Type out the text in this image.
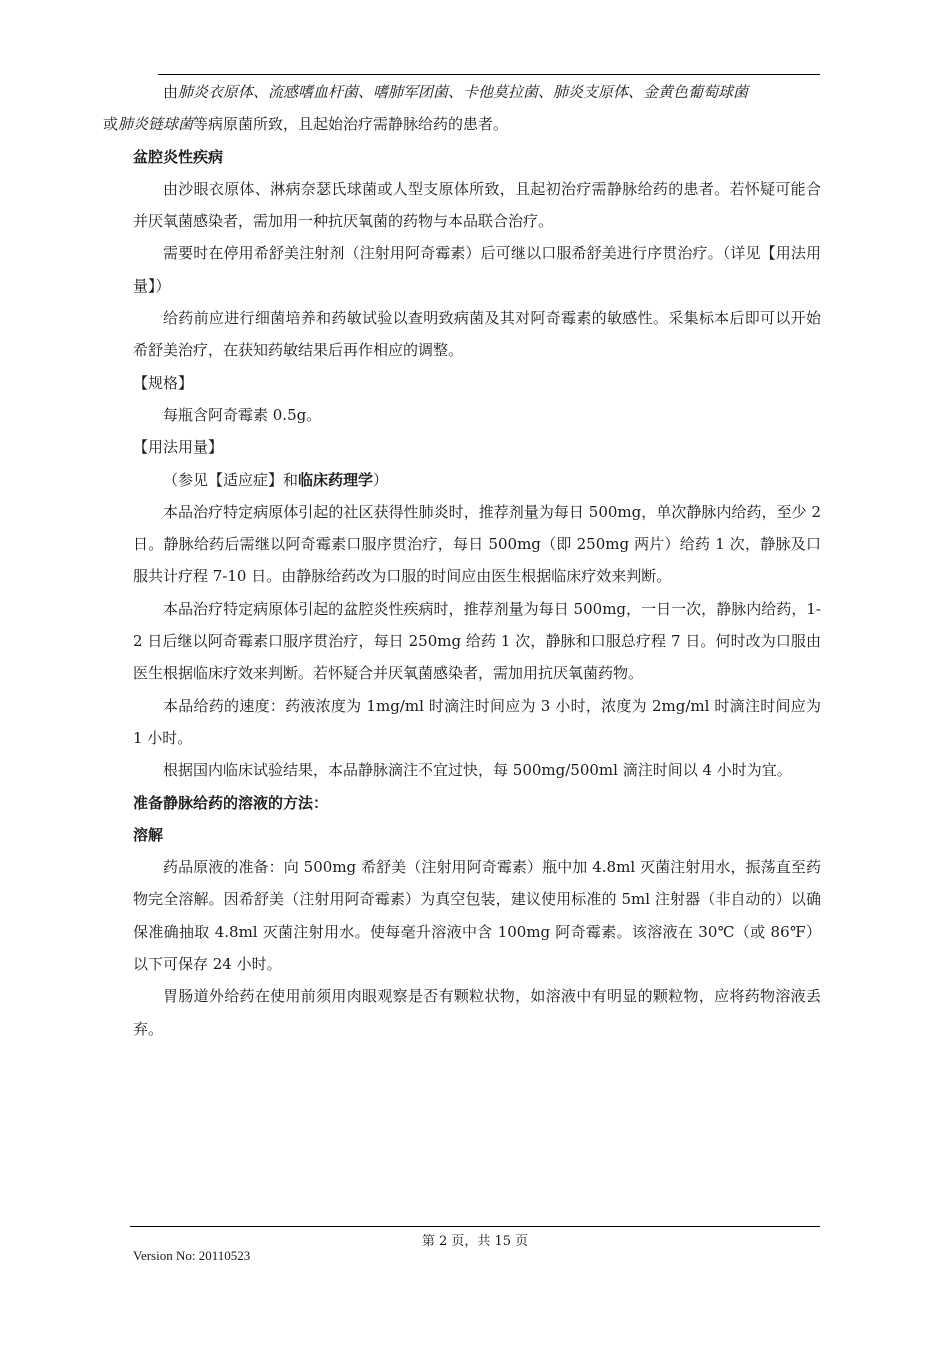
由肺炎衣原体、流感嗜血杆菌、嗜肺军团菌、卡他莫拉菌、肺炎支原体、金黄色葡萄球菌
或肺炎链球菌等病原菌所致，且起始治疗需静脉给药的患者。

盆腔炎性疾病

由沙眼衣原体、淋病奈瑟氏球菌或人型支原体所致，且起初治疗需静脉给药的患者。若怀疑可能合并厌氧菌感染者，需加用一种抗厌氧菌的药物与本品联合治疗。

需要时在停用希舒美注射剂（注射用阿奇霉素）后可继以口服希舒美进行序贯治疗。（详见【用法用量】）

给药前应进行细菌培养和药敏试验以查明致病菌及其对阿奇霉素的敏感性。采集标本后即可以开始希舒美治疗，在获知药敏结果后再作相应的调整。

【规格】

每瓶含阿奇霉素 0.5g。

【用法用量】

（参见【适应症】和临床药理学）

本品治疗特定病原体引起的社区获得性肺炎时，推荐剂量为每日 500mg，单次静脉内给药，至少 2 日。静脉给药后需继以阿奇霉素口服序贯治疗，每日 500mg（即 250mg 两片）给药 1 次，静脉及口服共计疗程 7-10 日。由静脉给药改为口服的时间应由医生根据临床疗效来判断。

本品治疗特定病原体引起的盆腔炎性疾病时，推荐剂量为每日 500mg，一日一次，静脉内给药，1-2 日后继以阿奇霉素口服序贯治疗，每日 250mg 给药 1 次，静脉和口服总疗程 7 日。何时改为口服由医生根据临床疗效来判断。若怀疑合并厌氧菌感染者，需加用抗厌氧菌药物。

本品给药的速度：药液浓度为 1mg/ml 时滴注时间应为 3 小时，浓度为 2mg/ml 时滴注时间应为 1 小时。

根据国内临床试验结果，本品静脉滴注不宜过快，每 500mg/500ml 滴注时间以 4 小时为宜。

准备静脉给药的溶液的方法：

溶解

药品原液的准备：向 500mg 希舒美（注射用阿奇霉素）瓶中加 4.8ml 灭菌注射用水，振荡直至药物完全溶解。因希舒美（注射用阿奇霉素）为真空包装，建议使用标准的 5ml 注射器（非自动的）以确保准确抽取 4.8ml 灭菌注射用水。使每毫升溶液中含 100mg 阿奇霉素。该溶液在 30℃（或 86℉）以下可保存 24 小时。

胃肠道外给药在使用前须用肉眼观察是否有颗粒状物，如溶液中有明显的颗粒物，应将药物溶液丢弃。

第 2 页，共 15 页
Version No: 20110523
